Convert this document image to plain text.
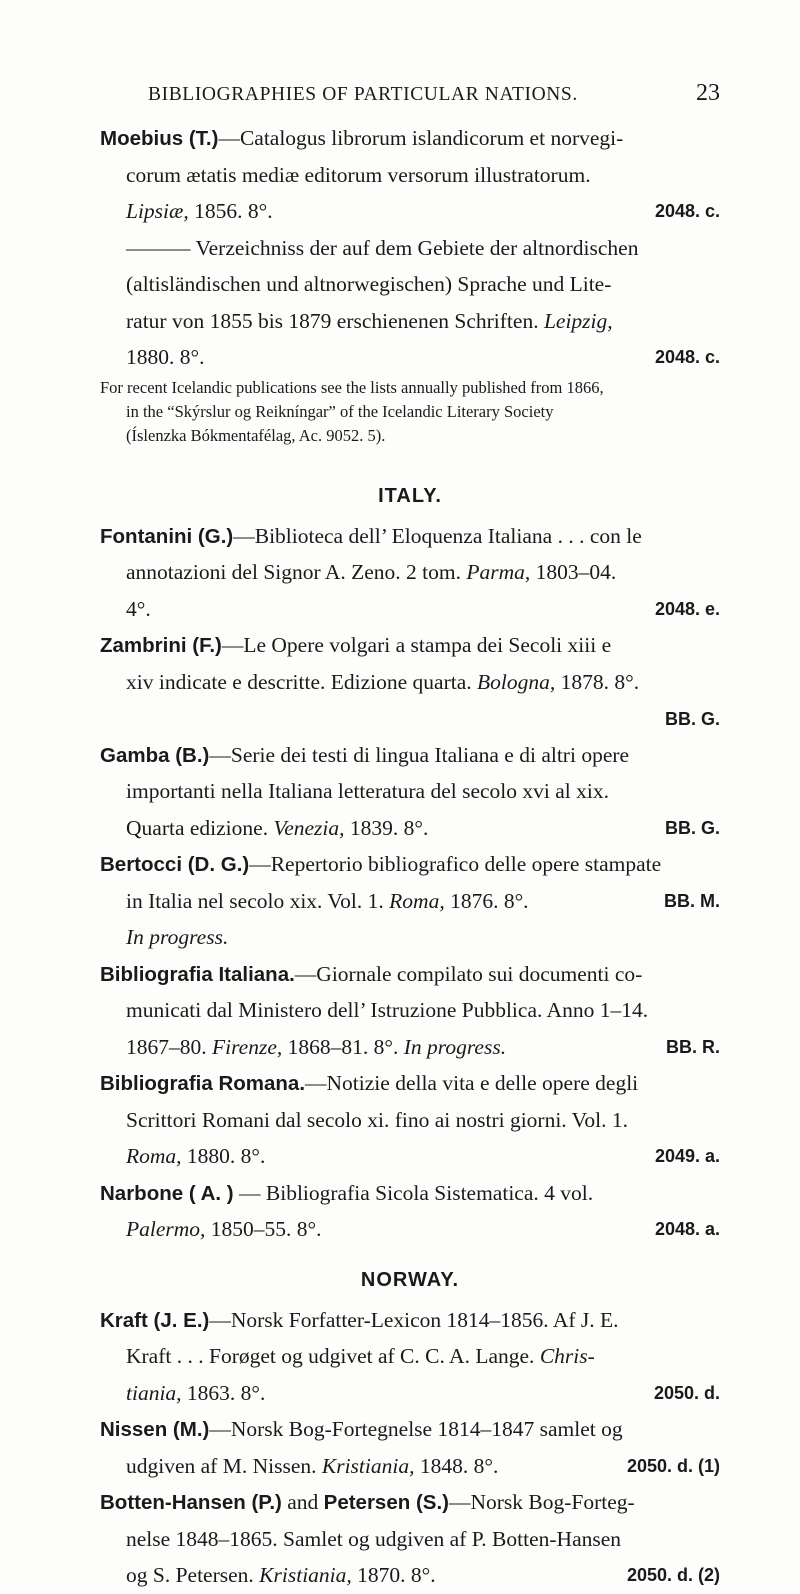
BIBLIOGRAPHIES OF PARTICULAR NATIONS.	23
Moebius (T.)—Catalogus librorum islandicorum et norvegi-
corum ætatis mediæ editorum versorum illustratorum.
Lipsiæ, 1856. 8°.	2048. c.
——— Verzeichniss der auf dem Gebiete der altnordischen
(altisländischen und altnorwegischen) Sprache und Lite-
ratur von 1855 bis 1879 erschienenen Schriften. Leipzig,
1880. 8°.	2048. c.
For recent Icelandic publications see the lists annually published from 1866,
in the “Skýrslur og Reikníngar” of the Icelandic Literary Society
(Íslenzka Bókmentafélag, Ac. 9052. 5).
ITALY.
Fontanini (G.)—Biblioteca dell’ Eloquenza Italiana . . . con le
annotazioni del Signor A. Zeno. 2 tom. Parma, 1803–04.
4°.	2048. e.
Zambrini (F.)—Le Opere volgari a stampa dei Secoli xiii e
xiv indicate e descritte. Edizione quarta. Bologna, 1878. 8°.
BB. G.
Gamba (B.)—Serie dei testi di lingua Italiana e di altri opere
importanti nella Italiana letteratura del secolo xvi al xix.
Quarta edizione. Venezia, 1839. 8°.	BB. G.
Bertocci (D. G.)—Repertorio bibliografico delle opere stampate
in Italia nel secolo xix. Vol. 1. Roma, 1876. 8°.	BB. M.
In progress.
Bibliografia Italiana.—Giornale compilato sui documenti co-
municati dal Ministero dell’ Istruzione Pubblica. Anno 1–14.
1867–80. Firenze, 1868–81. 8°. In progress.	BB. R.
Bibliografia Romana.—Notizie della vita e delle opere degli
Scrittori Romani dal secolo xi. fino ai nostri giorni. Vol. 1.
Roma, 1880. 8°.	2049. a.
Narbone ( A. ) — Bibliografia Sicola Sistematica. 4 vol.
Palermo, 1850–55. 8°.	2048. a.
NORWAY.
Kraft (J. E.)—Norsk Forfatter-Lexicon 1814–1856. Af J. E.
Kraft . . . Forøget og udgivet af C. C. A. Lange. Chris-
tiania, 1863. 8°.	2050. d.
Nissen (M.)—Norsk Bog-Fortegnelse 1814–1847 samlet og
udgiven af M. Nissen. Kristiania, 1848. 8°.	2050. d. (1)
Botten-Hansen (P.) and Petersen (S.)—Norsk Bog-Forteg-
nelse 1848–1865. Samlet og udgiven af P. Botten-Hansen
og S. Petersen. Kristiania, 1870. 8°.	2050. d. (2)
